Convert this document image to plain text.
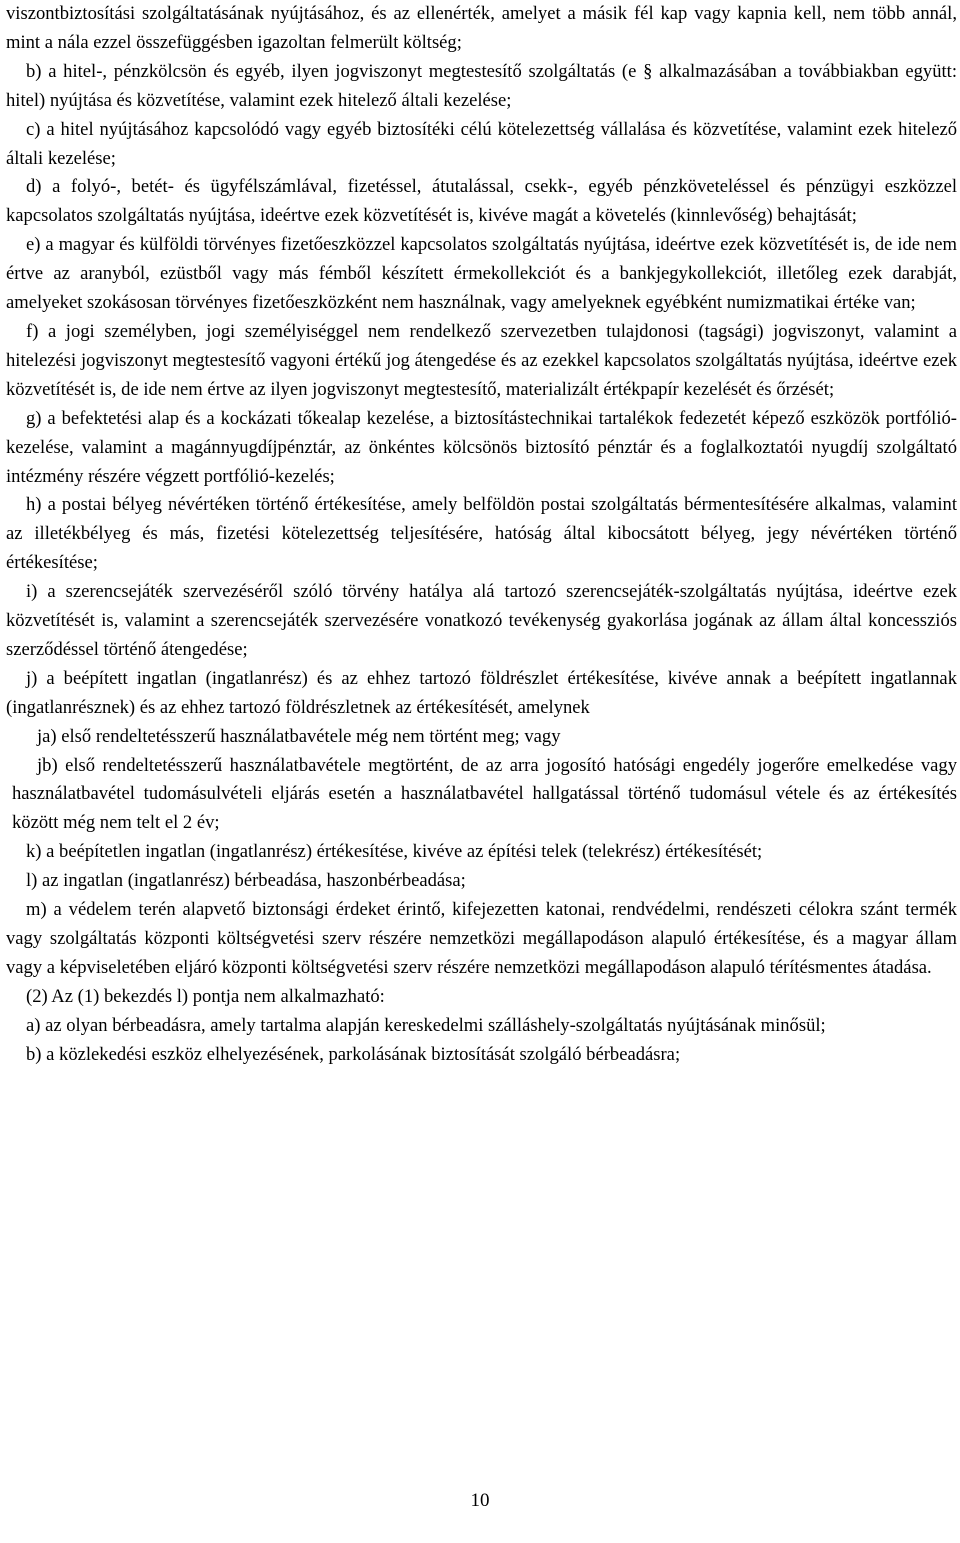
viszontbiztosítási szolgáltatásának nyújtásához, és az ellenérték, amelyet a másik fél kap vagy kapnia kell, nem több annál, mint a nála ezzel összefüggésben igazoltan felmerült költség;

b) a hitel-, pénzkölcsön és egyéb, ilyen jogviszonyt megtestesítő szolgáltatás (e § alkalmazásában a továbbiakban együtt: hitel) nyújtása és közvetítése, valamint ezek hitelező általi kezelése;

c) a hitel nyújtásához kapcsolódó vagy egyéb biztosítéki célú kötelezettség vállalása és közvetítése, valamint ezek hitelező általi kezelése;

d) a folyó-, betét- és ügyfélszámlával, fizetéssel, átutalással, csekk-, egyéb pénzköveteléssel és pénzügyi eszközzel kapcsolatos szolgáltatás nyújtása, ideértve ezek közvetítését is, kivéve magát a követelés (kinnlevőség) behajtását;

e) a magyar és külföldi törvényes fizetőeszközzel kapcsolatos szolgáltatás nyújtása, ideértve ezek közvetítését is, de ide nem értve az aranyból, ezüstből vagy más fémből készített érmekollekciót és a bankjegykollekciót, illetőleg ezek darabját, amelyeket szokásosan törvényes fizetőeszközként nem használnak, vagy amelyeknek egyébként numizmatikai értéke van;

f) a jogi személyben, jogi személyiséggel nem rendelkező szervezetben tulajdonosi (tagsági) jogviszonyt, valamint a hitelezési jogviszonyt megtestesítő vagyoni értékű jog átengedése és az ezekkel kapcsolatos szolgáltatás nyújtása, ideértve ezek közvetítését is, de ide nem értve az ilyen jogviszonyt megtestesítő, materializált értékpapír kezelését és őrzését;

g) a befektetési alap és a kockázati tőkealap kezelése, a biztosítástechnikai tartalékok fedezetét képező eszközök portfólió-kezelése, valamint a magánnyugdíjpénztár, az önkéntes kölcsönös biztosító pénztár és a foglalkoztatói nyugdíj szolgáltató intézmény részére végzett portfólió-kezelés;

h) a postai bélyeg névértéken történő értékesítése, amely belföldön postai szolgáltatás bérmentesítésére alkalmas, valamint az illetékbélyeg és más, fizetési kötelezettség teljesítésére, hatóság által kibocsátott bélyeg, jegy névértéken történő értékesítése;

i) a szerencsejáték szervezéséről szóló törvény hatálya alá tartozó szerencsejáték-szolgáltatás nyújtása, ideértve ezek közvetítését is, valamint a szerencsejáték szervezésére vonatkozó tevékenység gyakorlása jogának az állam által koncessziós szerződéssel történő átengedése;

j) a beépített ingatlan (ingatlanrész) és az ehhez tartozó földrészlet értékesítése, kivéve annak a beépített ingatlannak (ingatlanrésznek) és az ehhez tartozó földrészletnek az értékesítését, amelynek

ja) első rendeltetésszerű használatbavétele még nem történt meg; vagy

jb) első rendeltetésszerű használatbavétele megtörtént, de az arra jogosító hatósági engedély jogerőre emelkedése vagy használatbavétel tudomásulvételi eljárás esetén a használatbavétel hallgatással történő tudomásul vétele és az értékesítés között még nem telt el 2 év;

k) a beépítetlen ingatlan (ingatlanrész) értékesítése, kivéve az építési telek (telekrész) értékesítését;

l) az ingatlan (ingatlanrész) bérbeadása, haszonbérbeadása;

m) a védelem terén alapvető biztonsági érdeket érintő, kifejezetten katonai, rendvédelmi, rendészeti célokra szánt termék vagy szolgáltatás központi költségvetési szerv részére nemzetközi megállapodáson alapuló értékesítése, és a magyar állam vagy a képviseletében eljáró központi költségvetési szerv részére nemzetközi megállapodáson alapuló térítésmentes átadása.

(2) Az (1) bekezdés l) pontja nem alkalmazható:

a) az olyan bérbeadásra, amely tartalma alapján kereskedelmi szálláshely-szolgáltatás nyújtásának minősül;

b) a közlekedési eszköz elhelyezésének, parkolásának biztosítását szolgáló bérbeadásra;

10
